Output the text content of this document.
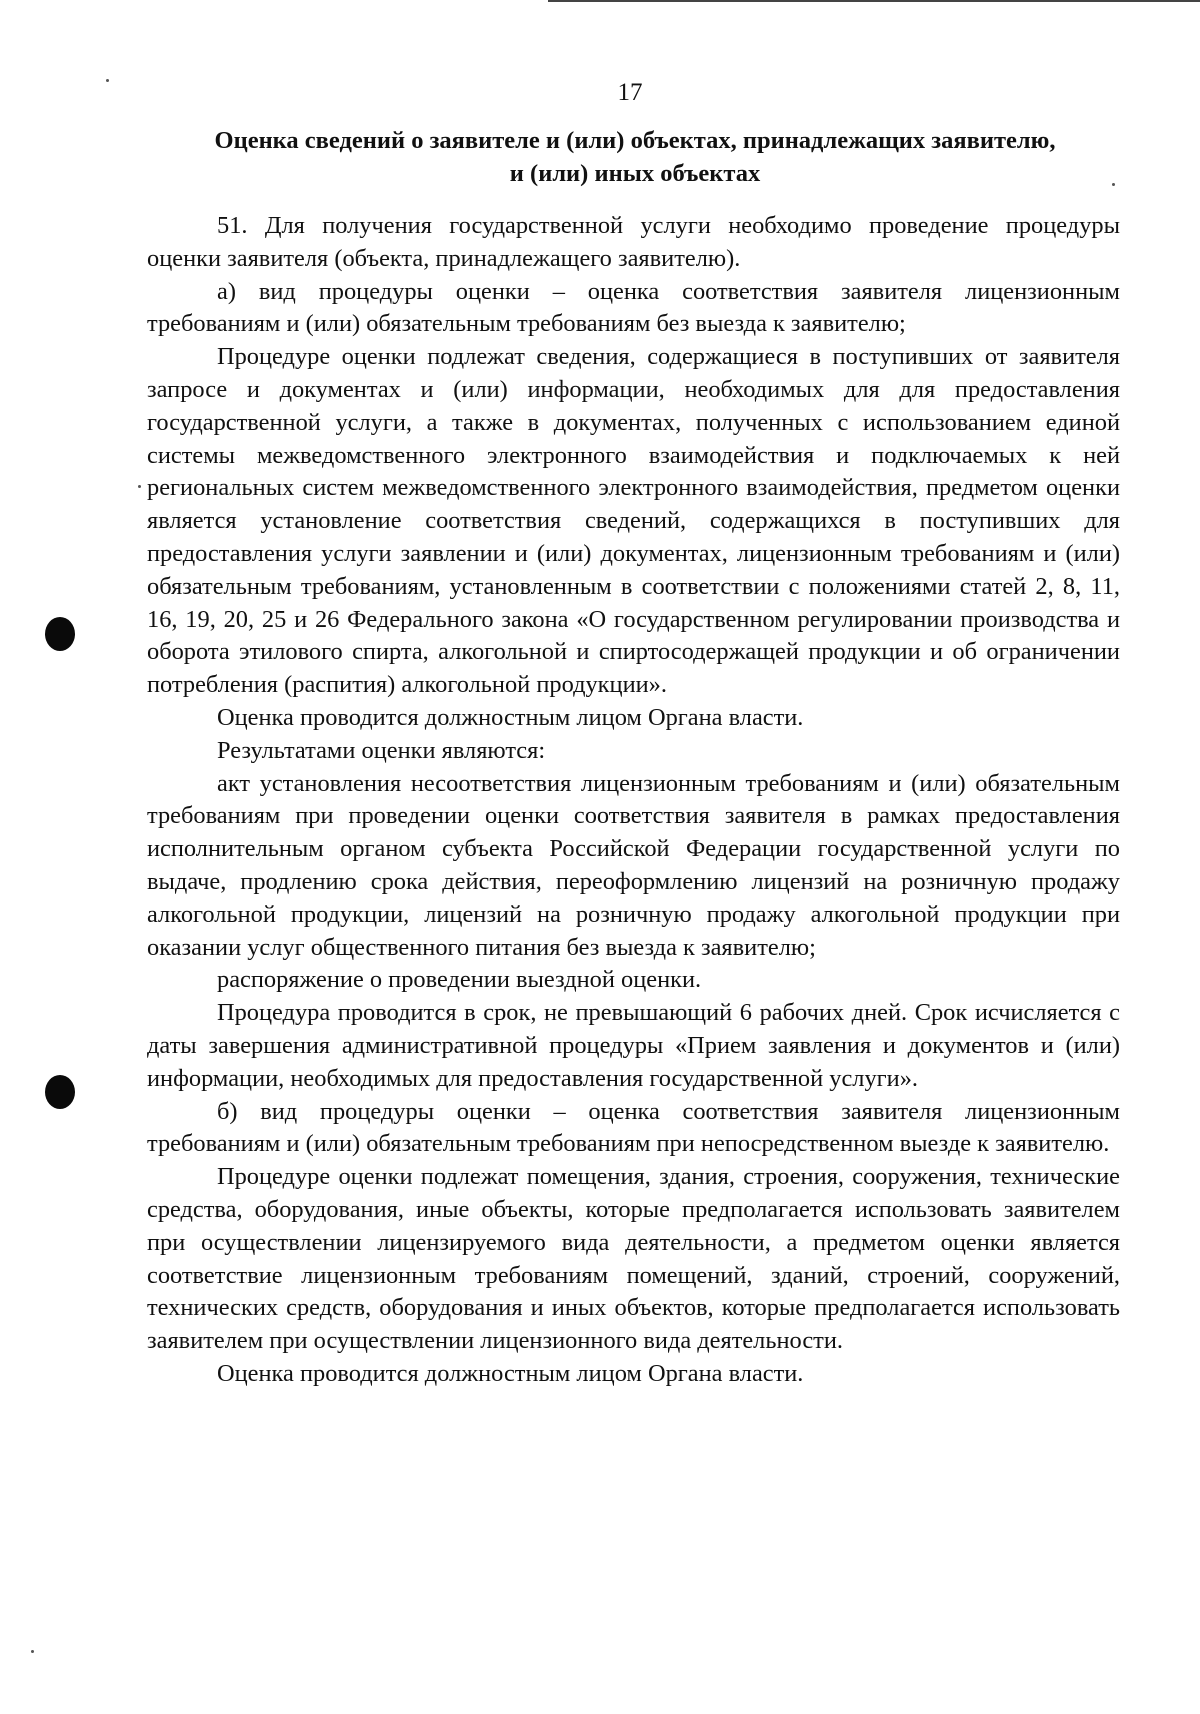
17
Оценка сведений о заявителе и (или) объектах, принадлежащих заявителю,
и (или) иных объектах

51. Для получения государственной услуги необходимо проведение процедуры оценки заявителя (объекта, принадлежащего заявителю).

а) вид процедуры оценки – оценка соответствия заявителя лицензионным требованиям и (или) обязательным требованиям без выезда к заявителю;

Процедуре оценки подлежат сведения, содержащиеся в поступивших от заявителя запросе и документах и (или) информации, необходимых для для предоставления государственной услуги, а также в документах, полученных с использованием единой системы межведомственного электронного взаимодействия и подключаемых к ней региональных систем межведомственного электронного взаимодействия, предметом оценки является установление соответствия сведений, содержащихся в поступивших для предоставления услуги заявлении и (или) документах, лицензионным требованиям и (или) обязательным требованиям, установленным в соответствии с положениями статей 2, 8, 11, 16, 19, 20, 25 и 26 Федерального закона «О государственном регулировании производства и оборота этилового спирта, алкогольной и спиртосодержащей продукции и об ограничении потребления (распития) алкогольной продукции».

Оценка проводится должностным лицом Органа власти.

Результатами оценки являются:

акт установления несоответствия лицензионным требованиям и (или) обязательным требованиям при проведении оценки соответствия заявителя в рамках предоставления исполнительным органом субъекта Российской Федерации государственной услуги по выдаче, продлению срока действия, переоформлению лицензий на розничную продажу алкогольной продукции, лицензий на розничную продажу алкогольной продукции при оказании услуг общественного питания без выезда к заявителю;

распоряжение о проведении выездной оценки.

Процедура проводится в срок, не превышающий 6 рабочих дней. Срок исчисляется с даты завершения административной процедуры «Прием заявления и документов и (или) информации, необходимых для предоставления государственной услуги».

б) вид процедуры оценки – оценка соответствия заявителя лицензионным требованиям и (или) обязательным требованиям при непосредственном выезде к заявителю.

Процедуре оценки подлежат помещения, здания, строения, сооружения, технические средства, оборудования, иные объекты, которые предполагается использовать заявителем при осуществлении лицензируемого вида деятельности, а предметом оценки является соответствие лицензионным требованиям помещений, зданий, строений, сооружений, технических средств, оборудования и иных объектов, которые предполагается использовать заявителем при осуществлении лицензионного вида деятельности.

Оценка проводится должностным лицом Органа власти.
